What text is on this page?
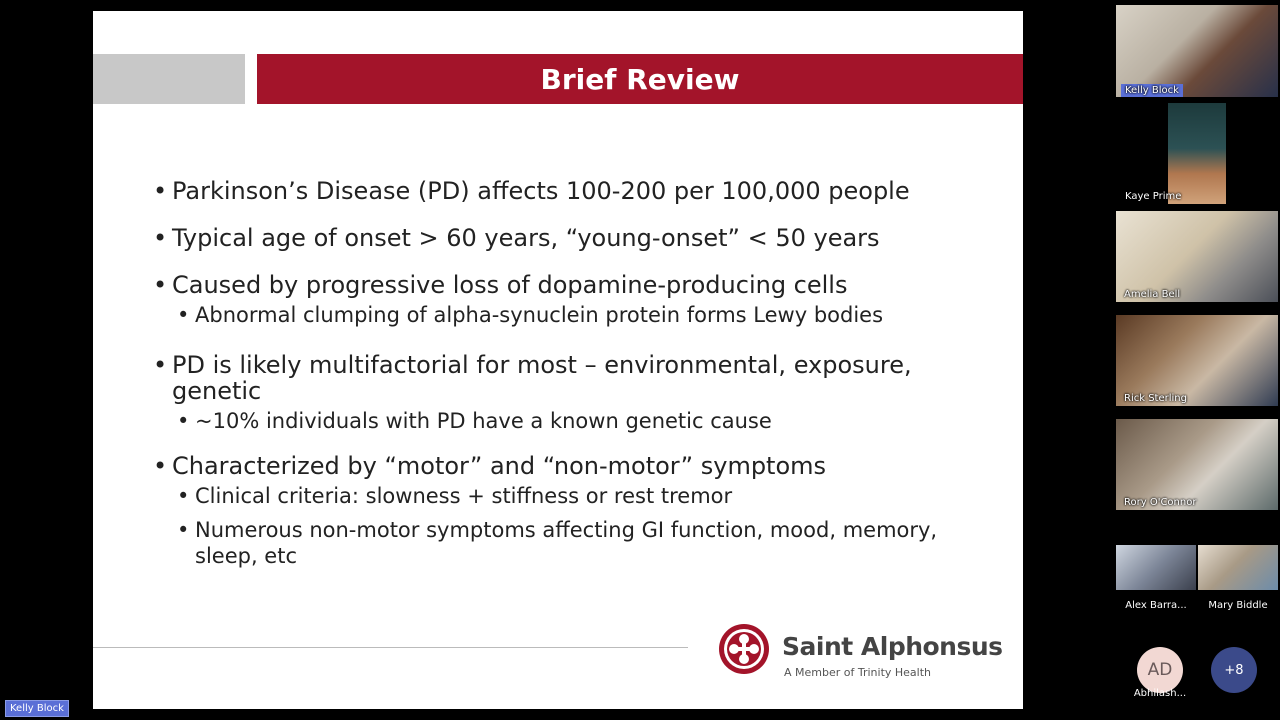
Brief Review

• Parkinson’s Disease (PD) affects 100-200 per 100,000 people

• Typical age of onset > 60 years, “young-onset” < 50 years

• Caused by progressive loss of dopamine-producing cells

• Abnormal clumping of alpha-synuclein protein forms Lewy bodies

• PD is likely multifactorial for most – environmental, exposure, genetic

• ~10% individuals with PD have a known genetic cause

• Characterized by “motor” and “non-motor” symptoms

• Clinical criteria: slowness + stiffness or rest tremor

• Numerous non-motor symptoms affecting GI function, mood, memory, sleep, etc

Saint Alphonsus
A Member of Trinity Health
Kelly Block
Kaye Prime
Amelia Bell
Rick Sterling
Rory O'Connor
Alex Barra...	Mary Biddle
AD
Abhilash...
+8
Kelly Block
